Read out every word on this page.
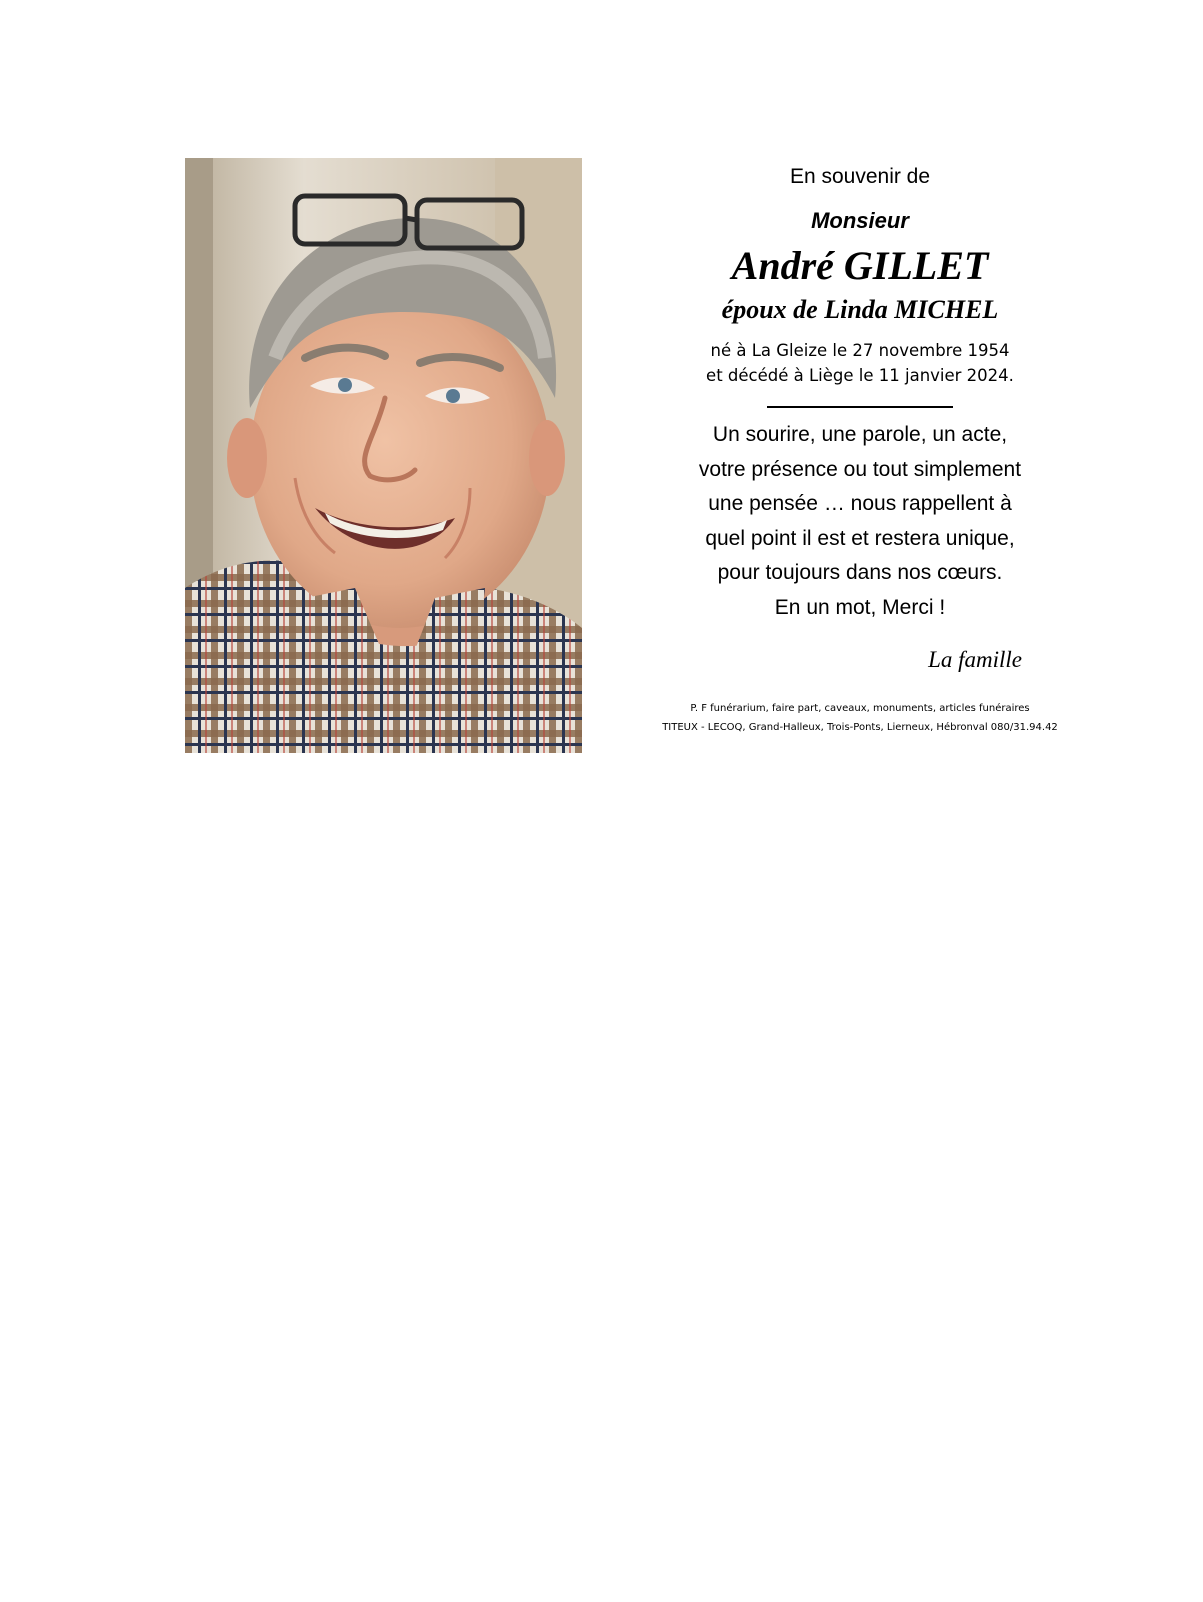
En souvenir de
Monsieur
André GILLET
époux de Linda MICHEL
né à La Gleize le 27 novembre 1954
et décédé à Liège le 11 janvier 2024.
Un sourire, une parole, un acte,
votre présence ou tout simplement
une pensée … nous rappellent à
quel point il est et restera unique,
pour toujours dans nos cœurs.
En un mot, Merci !
La famille
P. F funérarium, faire part, caveaux, monuments, articles funéraires
TITEUX - LECOQ, Grand-Halleux, Trois-Ponts, Lierneux, Hébronval 080/31.94.42
